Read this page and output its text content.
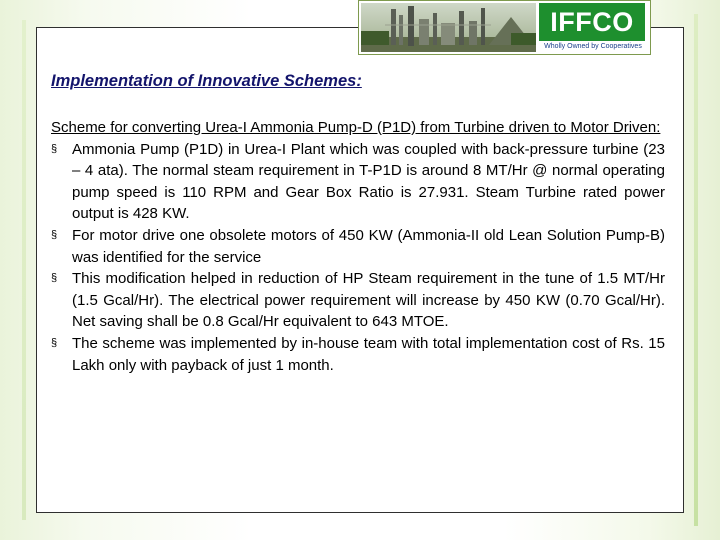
IFFCO
Wholly Owned by Cooperatives
Implementation of Innovative Schemes:

Scheme for converting Urea-I Ammonia Pump-D (P1D) from Turbine driven to Motor Driven:

§ Ammonia Pump (P1D) in Urea-I Plant which was coupled with back-pressure turbine (23 – 4 ata). The normal steam requirement in T-P1D is around 8 MT/Hr @ normal operating pump speed is 110 RPM and Gear Box Ratio is 27.931. Steam Turbine rated power output is 428 KW.
§ For motor drive one obsolete motors of 450 KW (Ammonia-II old Lean Solution Pump-B) was identified for the service
§ This modification helped in reduction of HP Steam requirement in the tune of 1.5 MT/Hr (1.5 Gcal/Hr). The electrical power requirement will increase by 450 KW (0.70 Gcal/Hr). Net saving shall be 0.8 Gcal/Hr equivalent to 643 MTOE.
§ The scheme was implemented by in-house team with total implementation cost of Rs. 15 Lakh only with payback of just 1 month.
